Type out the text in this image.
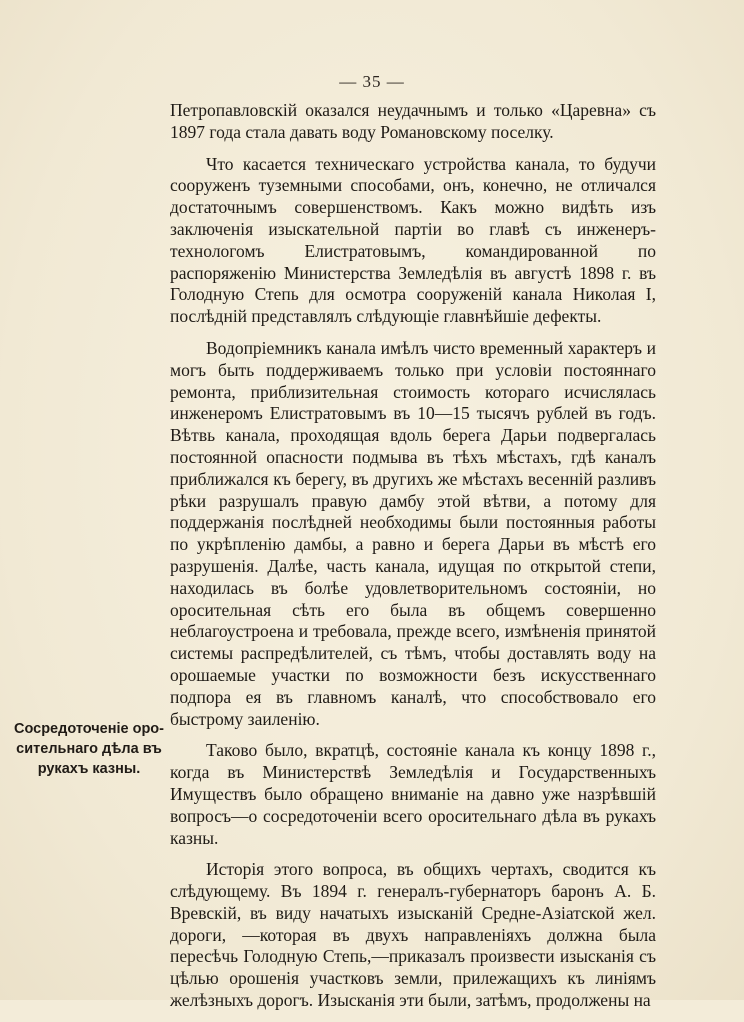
— 35 —
Сосредоточеніе оро-
сительнаго дѣла въ
рукахъ казны.

Петропавловскій оказался неудачнымъ и только «Царевна» съ 1897 года стала давать воду Романовскому поселку.

Что касается техническаго устройства канала, то будучи сооруженъ туземными способами, онъ, конечно, не отличался достаточнымъ совершенствомъ. Какъ можно видѣть изъ заключенія изыскательной партіи во главѣ съ инженеръ-технологомъ Елистратовымъ, командированной по распоряженію Министерства Земледѣлія въ августѣ 1898 г. въ Голодную Степь для осмотра сооруженій канала Николая I, послѣдній представлялъ слѣдующіе главнѣйшіе дефекты.

Водопріемникъ канала имѣлъ чисто временный характеръ и могъ быть поддерживаемъ только при условіи постояннаго ремонта, приблизительная стоимость котораго исчислялась инженеромъ Елистратовымъ въ 10—15 тысячъ рублей въ годъ. Вѣтвь канала, проходящая вдоль берега Дарьи подвергалась постоянной опасности подмыва въ тѣхъ мѣстахъ, гдѣ каналъ приближался къ берегу, въ другихъ же мѣстахъ весенній разливъ рѣки разрушалъ правую дамбу этой вѣтви, а потому для поддержанія послѣдней необходимы были постоянныя работы по укрѣпленію дамбы, а равно и берега Дарьи въ мѣстѣ его разрушенія. Далѣе, часть канала, идущая по открытой степи, находилась въ болѣе удовлетворительномъ состояніи, но оросительная сѣть его была въ общемъ совершенно неблагоустроена и требовала, прежде всего, измѣненія принятой системы распредѣлителей, съ тѣмъ, чтобы доставлять воду на орошаемые участки по возможности безъ искусственнаго подпора ея въ главномъ каналѣ, что способствовало его быстрому заиленію.

Таково было, вкратцѣ, состояніе канала къ концу 1898 г., когда въ Министерствѣ Земледѣлія и Государственныхъ Имуществъ было обращено вниманіе на давно уже назрѣвшій вопросъ—о сосредоточеніи всего оросительнаго дѣла въ рукахъ казны.

Исторія этого вопроса, въ общихъ чертахъ, сводится къ слѣдующему. Въ 1894 г. генералъ-губернаторъ баронъ А. Б. Вревскій, въ виду начатыхъ изысканій Средне-Азіатской жел. дороги, —которая въ двухъ направленіяхъ должна была пересѣчь Голодную Степь,—приказалъ произвести изысканія съ цѣлью орошенія участковъ земли, прилежащихъ къ линіямъ желѣзныхъ дорогъ. Изысканія эти были, затѣмъ, продолжены на
